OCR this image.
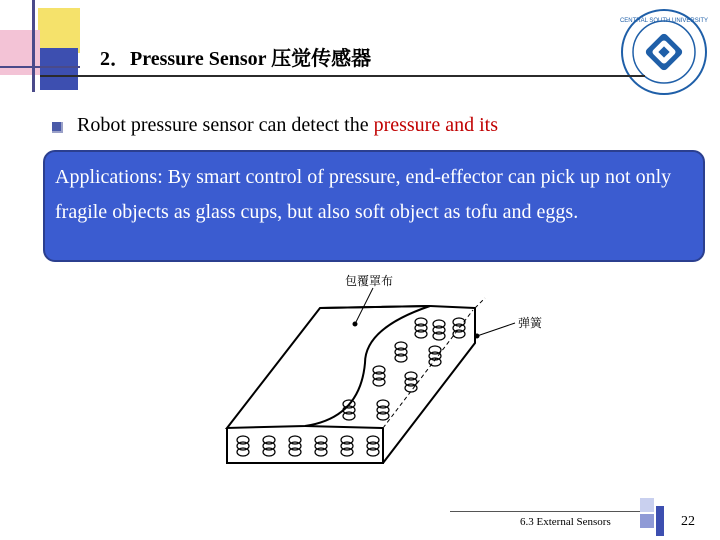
CENTRAL SOUTH UNIVERSITY
2．Pressure Sensor 压觉传感器
Robot pressure sensor can detect the pressure and its
Applications: By smart control of pressure, end-effector can pick up not only fragile objects as glass cups, but also soft object as tofu and eggs.
包覆罩布
弹簧
6.3 External Sensors	22
